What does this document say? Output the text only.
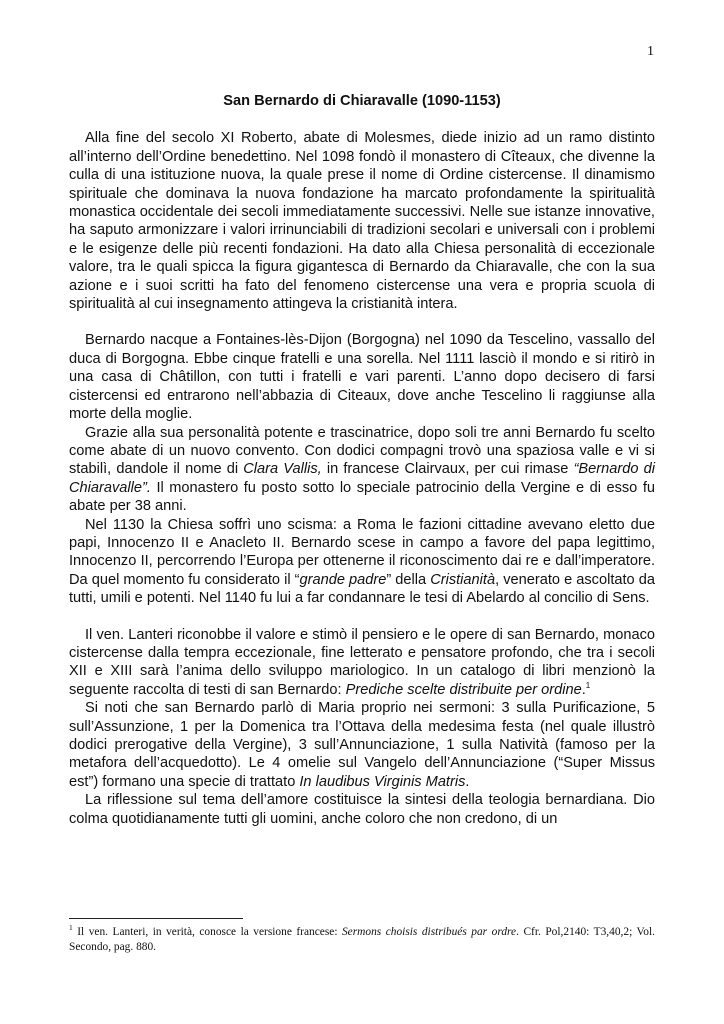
1

San Bernardo di Chiaravalle (1090-1153)

Alla fine del secolo XI Roberto, abate di Molesmes, diede inizio ad un ramo distinto all’interno dell’Ordine benedettino. Nel 1098 fondò il monastero di Cîteaux, che divenne la culla di una istituzione nuova, la quale prese il nome di Ordine cistercense. Il dinamismo spirituale che dominava la nuova fondazione ha marcato profondamente la spiritualità monastica occidentale dei secoli immediatamente successivi. Nelle sue istanze innovative, ha saputo armonizzare i valori irrinunciabili di tradizioni secolari e universali con i problemi e le esigenze delle più recenti fondazioni. Ha dato alla Chiesa personalità di eccezionale valore, tra le quali spicca la figura gigantesca di Bernardo da Chiaravalle, che con la sua azione e i suoi scritti ha fato del fenomeno cistercense una vera e propria scuola di spiritualità al cui insegnamento attingeva la cristianità intera.

Bernardo nacque a Fontaines-lès-Dijon (Borgogna) nel 1090 da Tescelino, vassallo del duca di Borgogna. Ebbe cinque fratelli e una sorella. Nel 1111 lasciò il mondo e si ritirò in una casa di Châtillon, con tutti i fratelli e vari parenti. L’anno dopo decisero di farsi cistercensi ed entrarono nell’abbazia di Citeaux, dove anche Tescelino li raggiunse alla morte della moglie.

Grazie alla sua personalità potente e trascinatrice, dopo soli tre anni Bernardo fu scelto come abate di un nuovo convento. Con dodici compagni trovò una spaziosa valle e vi si stabilì, dandole il nome di Clara Vallis, in francese Clairvaux, per cui rimase “Bernardo di Chiaravalle”. Il monastero fu posto sotto lo speciale patrocinio della Vergine e di esso fu abate per 38 anni.

Nel 1130 la Chiesa soffrì uno scisma: a Roma le fazioni cittadine avevano eletto due papi, Innocenzo II e Anacleto II. Bernardo scese in campo a favore del papa legittimo, Innocenzo II, percorrendo l’Europa per ottenerne il riconoscimento dai re e dall’imperatore. Da quel momento fu considerato il “grande padre” della Cristianità, venerato e ascoltato da tutti, umili e potenti. Nel 1140 fu lui a far condannare le tesi di Abelardo al concilio di Sens.

Il ven. Lanteri riconobbe il valore e stimò il pensiero e le opere di san Bernardo, monaco cistercense dalla tempra eccezionale, fine letterato e pensatore profondo, che tra i secoli XII e XIII sarà l’anima dello sviluppo mariologico. In un catalogo di libri menzionò la seguente raccolta di testi di san Bernardo: Prediche scelte distribuite per ordine.$^1$

Si noti che san Bernardo parlò di Maria proprio nei sermoni: 3 sulla Purificazione, 5 sull’Assunzione, 1 per la Domenica tra l’Ottava della medesima festa (nel quale illustrò dodici prerogative della Vergine), 3 sull’Annunciazione, 1 sulla Natività (famoso per la metafora dell’acquedotto). Le 4 omelie sul Vangelo dell’Annunciazione (“Super Missus est”) formano una specie di trattato In laudibus Virginis Matris.

La riflessione sul tema dell’amore costituisce la sintesi della teologia bernardiana. Dio colma quotidianamente tutti gli uomini, anche coloro che non credono, di un

$^1$ Il ven. Lanteri, in verità, conosce la versione francese: Sermons choisis distribués par ordre. Cfr. Pol,2140: T3,40,2; Vol. Secondo, pag. 880.
